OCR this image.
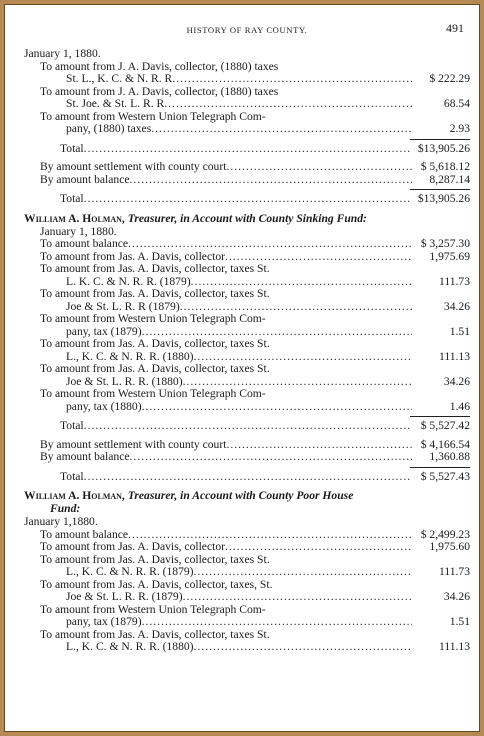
HISTORY OF RAY COUNTY.	491
January 1, 1880.
To amount from J. A. Davis, collector, (1880) taxes
St. L., K. C. & N. R. R .....	$ 222.29
To amount from J. A. Davis, collector, (1880) taxes
St. Joe. & St. L. R. R .....	68.54
To amount from Western Union Telegraph Com-
pany, (1880) taxes .....	2.93
Total .....	$13,905.26
By amount settlement with county court .....	$ 5,618.12
By amount balance .....	8,287.14
Total .....	$13,905.26
William A. Holman, Treasurer, in Account with County Sinking Fund:
January 1, 1880.
To amount balance .....	$ 3,257.30
To amount from Jas. A. Davis, collector .....	1,975.69
To amount from Jas. A. Davis, collector, taxes St.
L. K. C. & N. R. R. (1879) .....	111.73
To amount from Jas. A. Davis, collector, taxes St.
Joe & St. L. R. R (1879) .....	34.26
To amount from Western Union Telegraph Com-
pany, tax (1879) .....	1.51
To amount from Jas. A. Davis, collector, taxes St.
L., K. C. & N. R. R. (1880) .....	111.13
To amount from Jas. A. Davis, collector, taxes St.
Joe & St. L. R. R. (1880) .....	34.26
To amount from Western Union Telegraph Com-
pany, tax (1880) .....	1.46
Total .....	$ 5,527.42
By amount settlement with county court .....	$ 4,166.54
By amount balance .....	1,360.88
Total .....	$ 5,527.43
William A. Holman, Treasurer, in Account with County Poor House
Fund:
January 1,1880.
To amount balance .....	$ 2,499.23
To amount from Jas. A. Davis, collector .....	1,975.60
To amount from Jas. A. Davis, collector, taxes St.
L., K. C. & N. R. R. (1879) .....	111.73
To amount from Jas. A. Davis, collector, taxes, St.
Joe & St. L. R. R. (1879) .....	34.26
To amount from Western Union Telegraph Com-
pany, tax (1879) .....	1.51
To amount from Jas. A. Davis, collector, taxes St.
L., K. C. & N. R. R. (1880) .....	111.13
